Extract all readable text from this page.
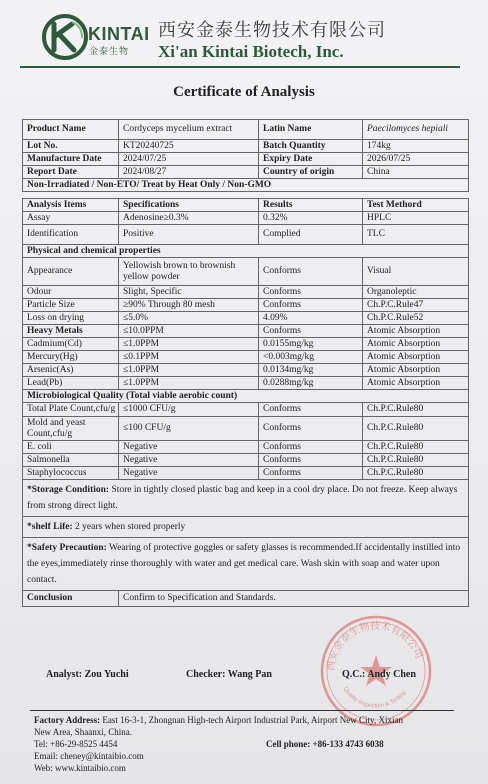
KINTAI
金泰生物
西安金泰生物技术有限公司
Xi'an Kintai Biotech, Inc.
Certificate of Analysis
Product Name	Cordyceps mycelium extract	Latin Name	Paecilomyces hepiali
Lot No.	KT20240725	Batch Quantity	174kg
Manufacture Date	2024/07/25	Expiry Date	2026/07/25
Report Date	2024/08/27	Country of origin	China
Non-Irradiated / Non-ETO/ Treat by Heat Only / Non-GMO			

Analysis Items	Specifications	Results	Test Methord
Assay	Adenosine≥0.3%	0.32%	HPLC
Identification	Positive	Complied	TLC
Physical and chemical properties			
Appearance	Yellowish brown to brownish
yellow powder	Conforms	Visual
Odour	Slight, Specific	Conforms	Organoleptic
Particle Size	≥90% Through 80 mesh	Conforms	Ch.P.C.Rule47
Loss on drying	≤5.0%	4.09%	Ch.P.C.Rule52
Heavy Metals	≤10.0PPM	Conforms	Atomic Absorption
Cadmium(Cd)	≤1.0PPM	0.0155mg/kg	Atomic Absorption
Mercury(Hg)	≤0.1PPM	<0.003mg/kg	Atomic Absorption
Arsenic(As)	≤1.0PPM	0.0134mg/kg	Atomic Absorption
Lead(Pb)	≤1.0PPM	0.0288mg/kg	Atomic Absorption
Microbiological Quality (Total viable aerobic count)			
Total Plate Count,cfu/g	≤1000 CFU/g	Conforms	Ch.P.C.Rule80
Mold and yeast
Count,cfu/g	≤100 CFU/g	Conforms	Ch.P.C.Rule80
E. coli	Negative	Conforms	Ch.P.C.Rule80
Salmonella	Negative	Conforms	Ch.P.C.Rule80
Staphylococcus	Negative	Conforms	Ch.P.C.Rule80
*Storage Condition: Store in tightly closed plastic bag and keep in a cool dry place. Do not freeze. Keep always from strong direct light.			
*shelf Life: 2 years when stored properly			
*Safety Precaution: Wearing of protective goggles or safety glasses is recommended.If accidentally instilled into the eyes,immediately rinse thoroughly with water and get medical care. Wash skin with soap and water upon contact.			
Conclusion	Confirm to Specification and Standards.		
西安金泰生物技术有限公司
Quality Inspection & Testing
Analyst: Zou Yuchi	Checker: Wang Pan	Q.C.: Andy Chen
Factory Address: East 16-3-1, Zhongnan High-tech Airport Industrial Park, Airport New City, Xixian
New Area, Shaanxi, China.
Tel: +86-29-8525 4454	Cell phone: +86-133 4743 6038
Email: cheney@kintaibio.com
Web: www.kintaibio.com
